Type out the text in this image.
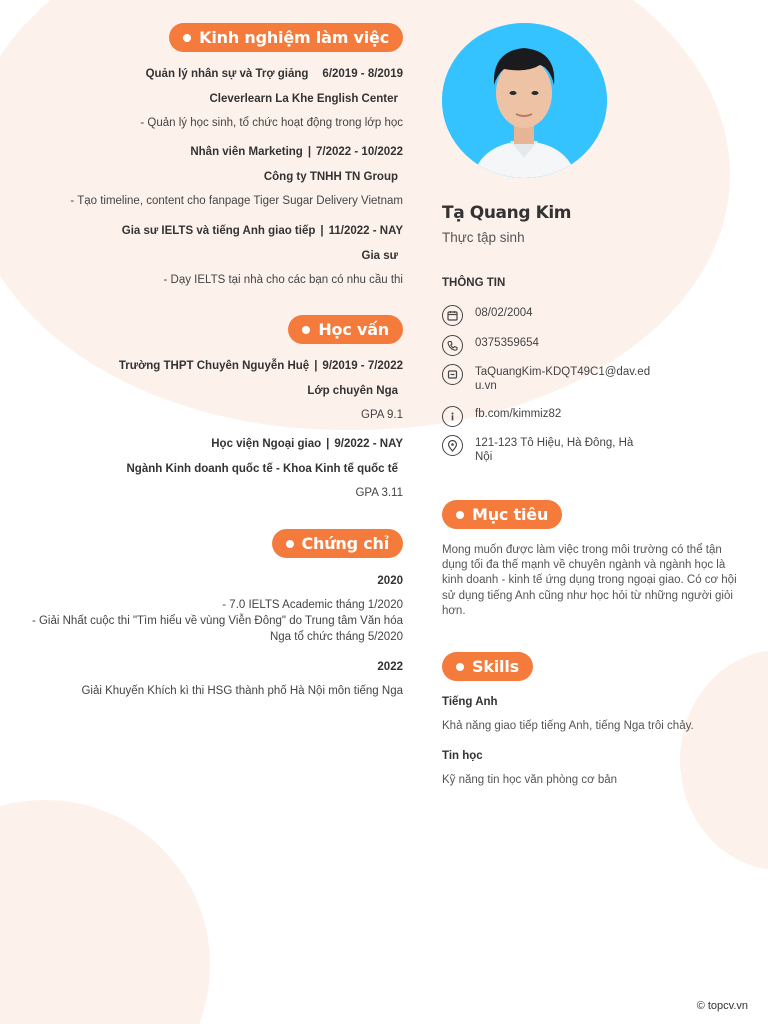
Kinh nghiệm làm việc
Quản lý nhân sự và Trợ giảng 6/2019 - 8/2019
Cleverlearn La Khe English Center
- Quản lý học sinh, tổ chức hoạt động trong lớp học
Nhân viên Marketing | 7/2022 - 10/2022
Công ty TNHH TN Group
- Tạo timeline, content cho fanpage Tiger Sugar Delivery Vietnam
Gia sư IELTS và tiếng Anh giao tiếp | 11/2022 - NAY
Gia sư
- Dạy IELTS tại nhà cho các bạn có nhu cầu thi
Học vấn
Trường THPT Chuyên Nguyễn Huệ | 9/2019 - 7/2022
Lớp chuyên Nga
GPA 9.1
Học viện Ngoại giao | 9/2022 - NAY
Ngành Kinh doanh quốc tế - Khoa Kinh tế quốc tế
GPA 3.11
Chứng chỉ
2020
- 7.0 IELTS Academic tháng 1/2020
- Giải Nhất cuộc thi "Tìm hiểu về vùng Viễn Đông" do Trung tâm Văn hóa
Nga tổ chức tháng 5/2020
2022
Giải Khuyến Khích kì thi HSG thành phố Hà Nội môn tiếng Nga
Tạ Quang Kim
Thực tập sinh
THÔNG TIN
08/02/2004
0375359654
TaQuangKim-KDQT49C1@dav.edu.vn
fb.com/kimmiz82
121-123 Tô Hiệu, Hà Đông, Hà Nội
Mục tiêu
Mong muốn được làm việc trong môi trường có thể tận dụng tối đa thế mạnh về chuyên ngành và ngành học là kinh doanh - kinh tế ứng dụng trong ngoại giao. Có cơ hội sử dụng tiếng Anh cũng như học hỏi từ những người giỏi hơn.
Skills
Tiếng Anh
Khả năng giao tiếp tiếng Anh, tiếng Nga trôi chảy.
Tin học
Kỹ năng tin học văn phòng cơ bản
© topcv.vn
